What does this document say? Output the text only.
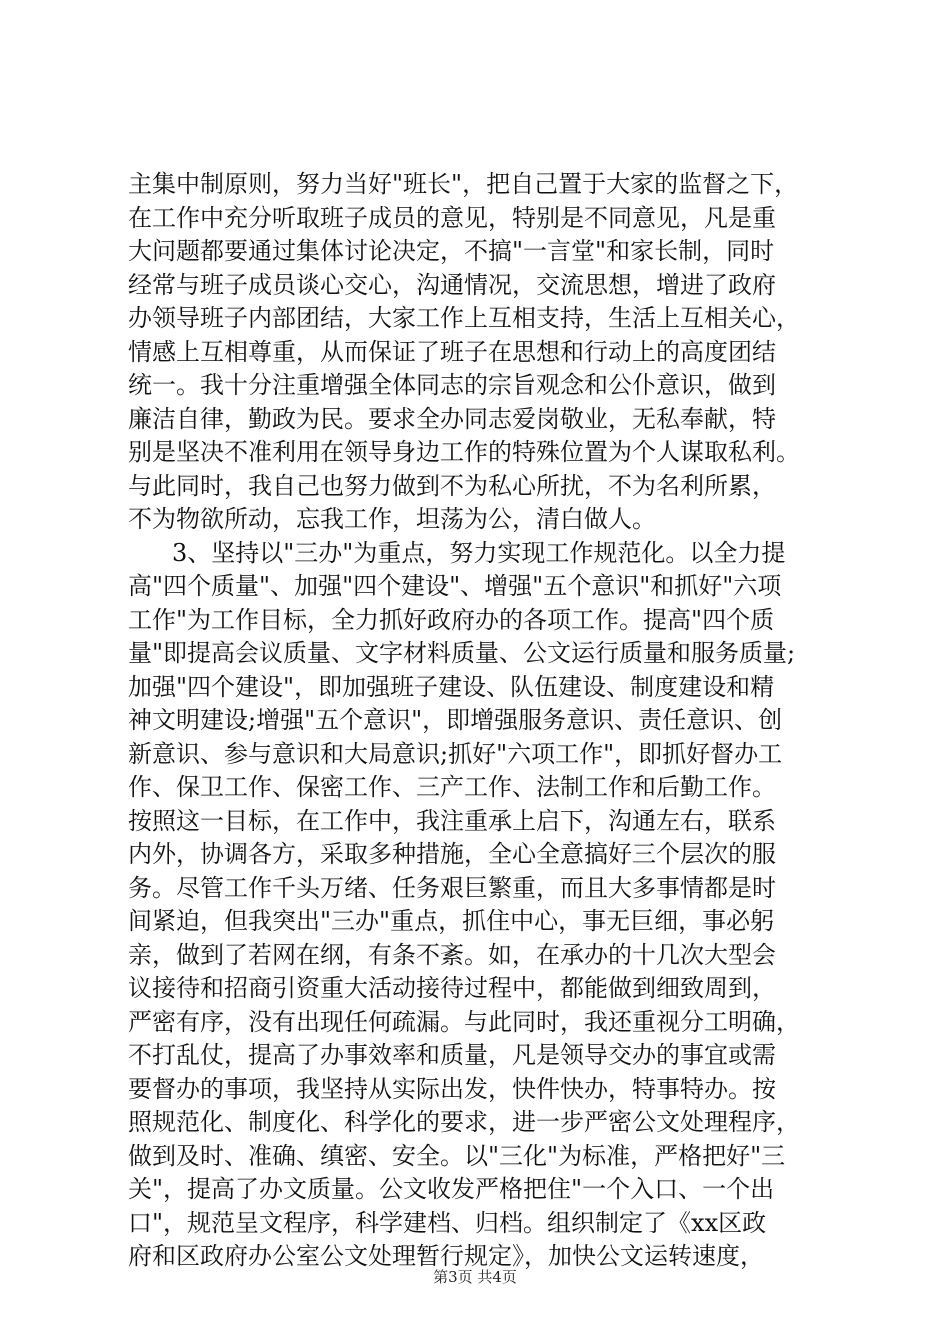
主集中制原则，努力当好"班长"，把自己置于大家的监督之下，
在工作中充分听取班子成员的意见，特别是不同意见，凡是重
大问题都要通过集体讨论决定，不搞"一言堂"和家长制，同时
经常与班子成员谈心交心，沟通情况，交流思想，增进了政府
办领导班子内部团结，大家工作上互相支持，生活上互相关心，
情感上互相尊重，从而保证了班子在思想和行动上的高度团结
统一。我十分注重增强全体同志的宗旨观念和公仆意识，做到
廉洁自律，勤政为民。要求全办同志爱岗敬业，无私奉献，特
别是坚决不准利用在领导身边工作的特殊位置为个人谋取私利。
与此同时，我自己也努力做到不为私心所扰，不为名利所累，
不为物欲所动，忘我工作，坦荡为公，清白做人。
3、坚持以"三办"为重点，努力实现工作规范化。以全力提
高"四个质量"、加强"四个建设"、增强"五个意识"和抓好"六项
工作"为工作目标，全力抓好政府办的各项工作。提高"四个质
量"即提高会议质量、文字材料质量、公文运行质量和服务质量;
加强"四个建设"，即加强班子建设、队伍建设、制度建设和精
神文明建设;增强"五个意识"，即增强服务意识、责任意识、创
新意识、参与意识和大局意识;抓好"六项工作"，即抓好督办工
作、保卫工作、保密工作、三产工作、法制工作和后勤工作。
按照这一目标，在工作中，我注重承上启下，沟通左右，联系
内外，协调各方，采取多种措施，全心全意搞好三个层次的服
务。尽管工作千头万绪、任务艰巨繁重，而且大多事情都是时
间紧迫，但我突出"三办"重点，抓住中心，事无巨细，事必躬
亲，做到了若网在纲，有条不紊。如，在承办的十几次大型会
议接待和招商引资重大活动接待过程中，都能做到细致周到，
严密有序，没有出现任何疏漏。与此同时，我还重视分工明确，
不打乱仗，提高了办事效率和质量，凡是领导交办的事宜或需
要督办的事项，我坚持从实际出发，快件快办，特事特办。按
照规范化、制度化、科学化的要求，进一步严密公文处理程序，
做到及时、准确、缜密、安全。以"三化"为标准，严格把好"三
关"，提高了办文质量。公文收发严格把住"一个入口、一个出
口"，规范呈文程序，科学建档、归档。组织制定了《xx区政
府和区政府办公室公文处理暂行规定》，加快公文运转速度，
第3页 共4页
